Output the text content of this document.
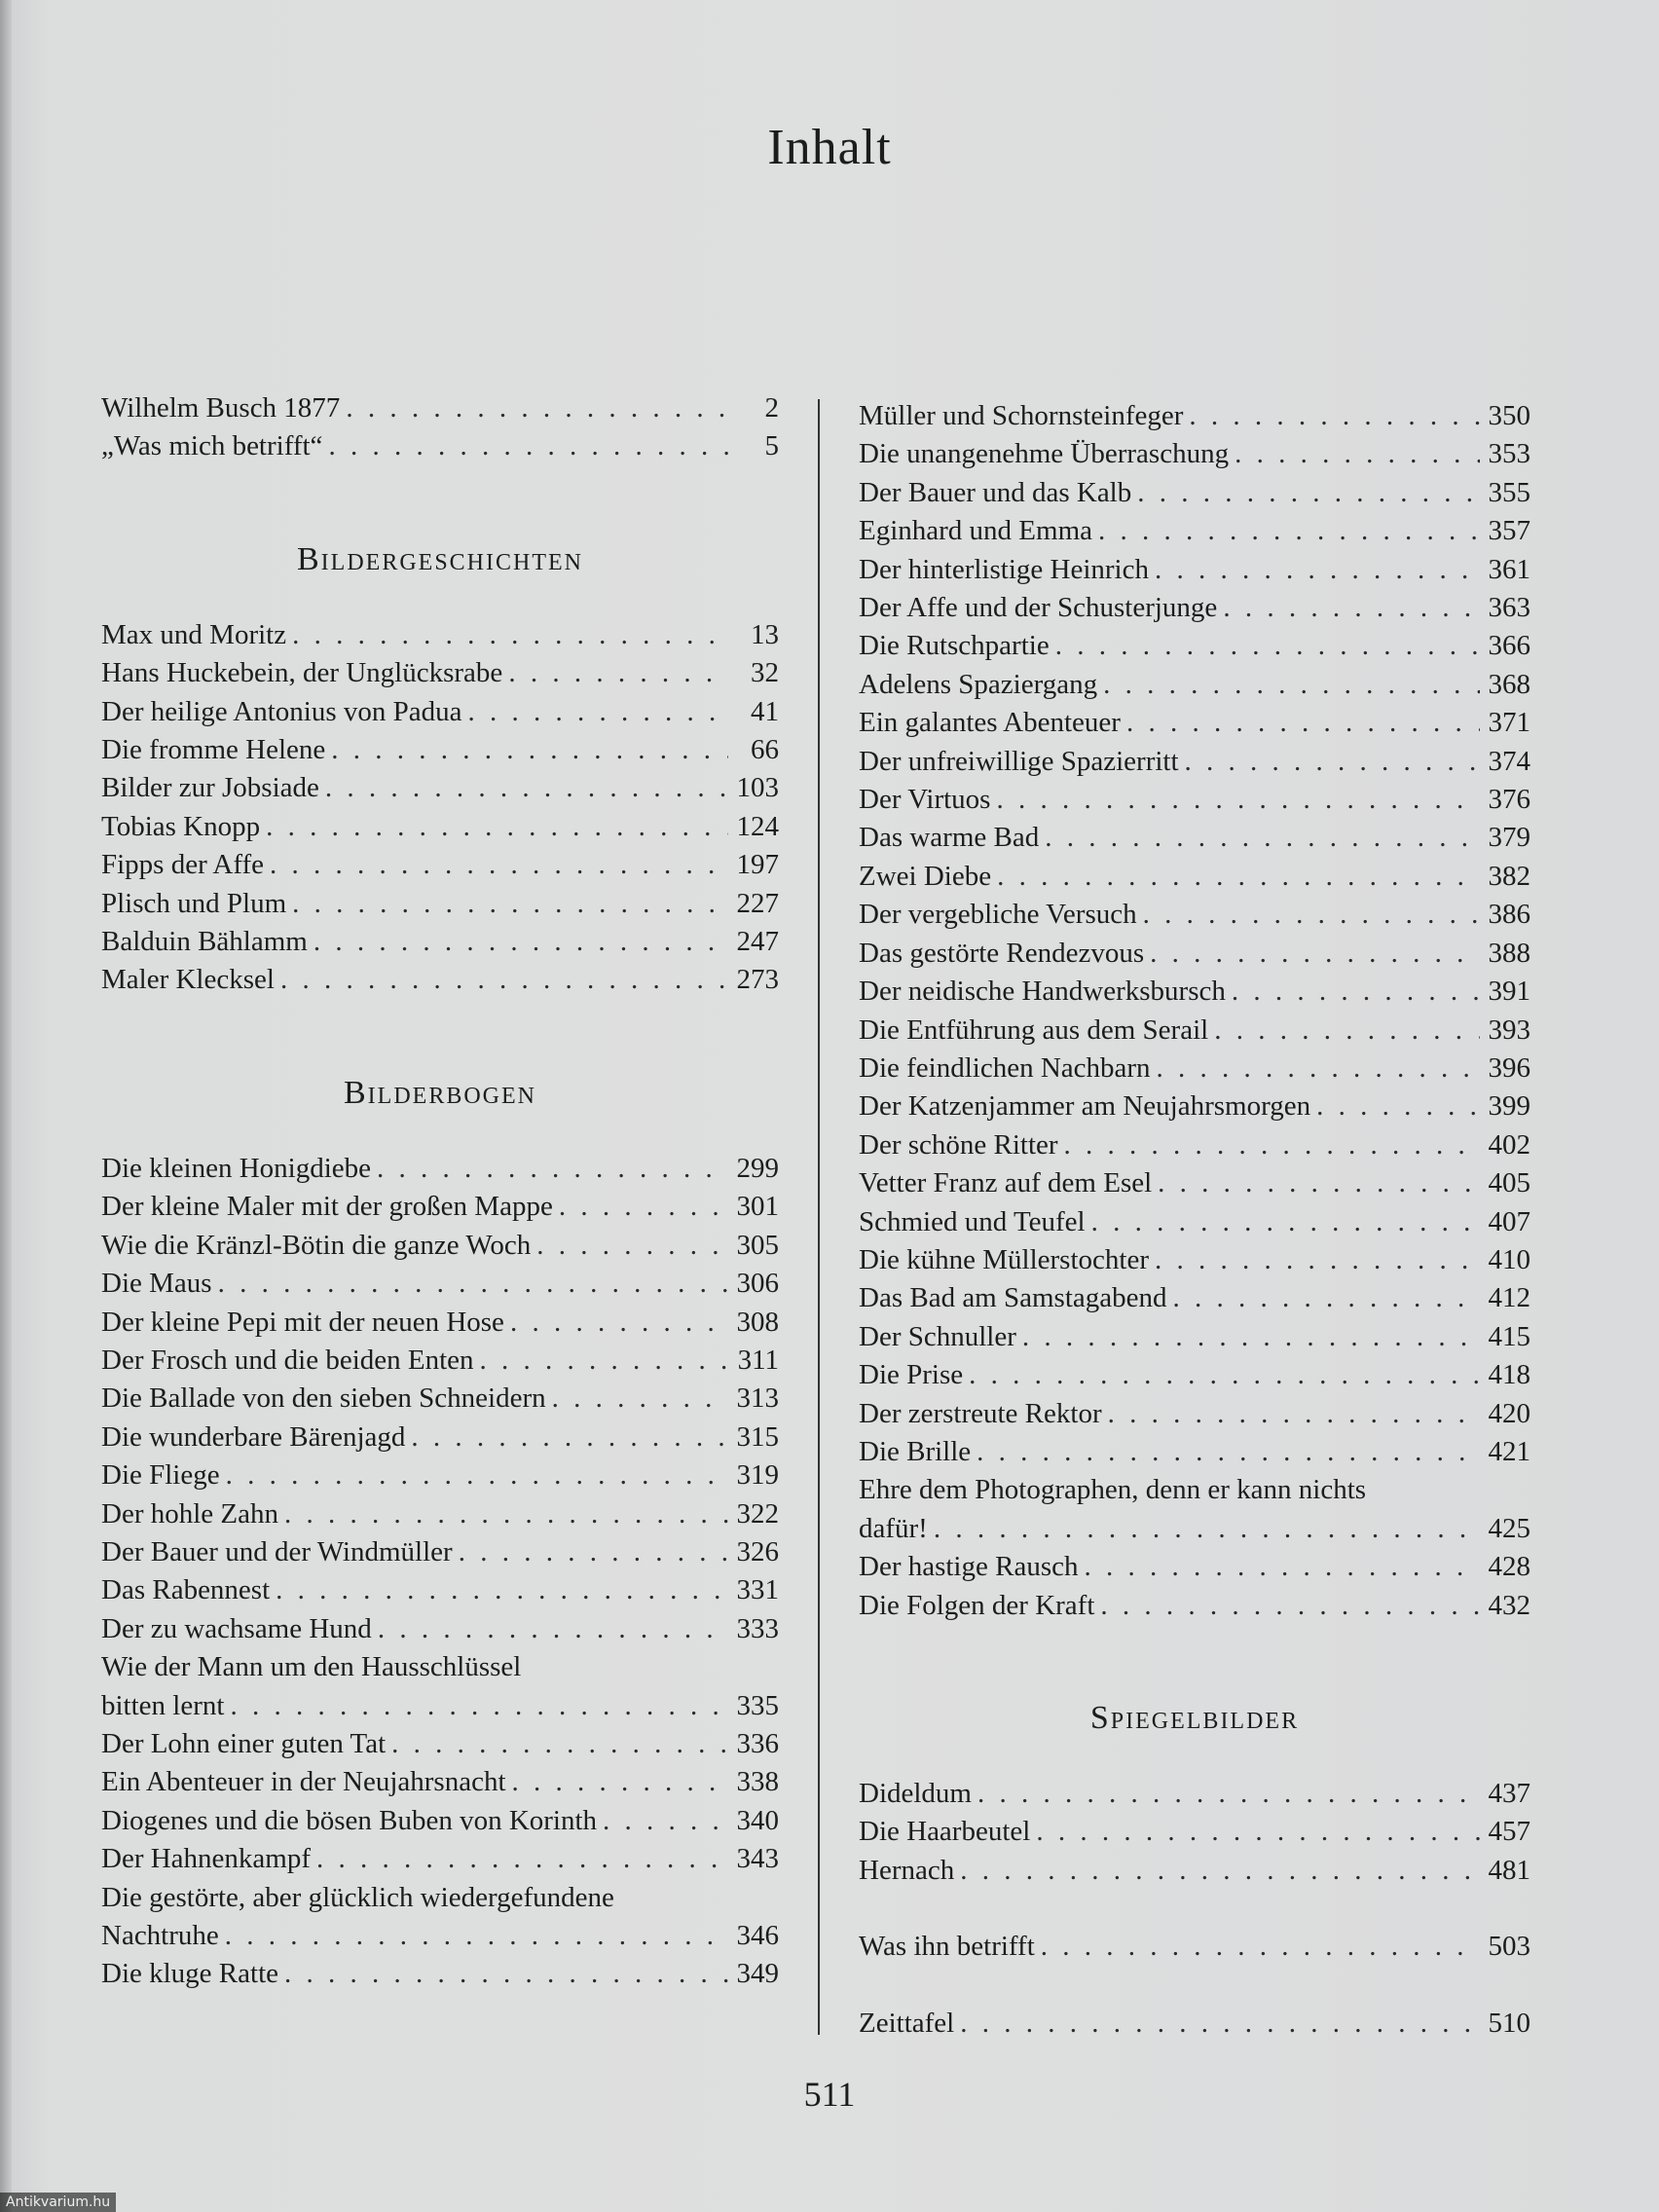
Inhalt
Wilhelm Busch 1877 . . .	2
„Was mich betrifft“ . . .	5
Bildergeschichten
Max und Moritz . . .	13
Hans Huckebein, der Unglücksrabe . . .	32
Der heilige Antonius von Padua . . .	41
Die fromme Helene . . .	66
Bilder zur Jobsiade . . .	103
Tobias Knopp . . .	124
Fipps der Affe . . .	197
Plisch und Plum . . .	227
Balduin Bählamm . . .	247
Maler Klecksel . . .	273
Bilderbogen
Die kleinen Honigdiebe . . .	299
Der kleine Maler mit der großen Mappe . . .	301
Wie die Kränzl-Bötin die ganze Woch . . .	305
Die Maus . . .	306
Der kleine Pepi mit der neuen Hose . . .	308
Der Frosch und die beiden Enten . . .	311
Die Ballade von den sieben Schneidern . . .	313
Die wunderbare Bärenjagd . . .	315
Die Fliege . . .	319
Der hohle Zahn . . .	322
Der Bauer und der Windmüller . . .	326
Das Rabennest . . .	331
Der zu wachsame Hund . . .	333
Wie der Mann um den Hausschlüssel
bitten lernt . . .	335
Der Lohn einer guten Tat . . .	336
Ein Abenteuer in der Neujahrsnacht . . .	338
Diogenes und die bösen Buben von Korinth . . .	340
Der Hahnenkampf . . .	343
Die gestörte, aber glücklich wiedergefundene
Nachtruhe . . .	346
Die kluge Ratte . . .	349
Müller und Schornsteinfeger . . .	350
Die unangenehme Überraschung . . .	353
Der Bauer und das Kalb . . .	355
Eginhard und Emma . . .	357
Der hinterlistige Heinrich . . .	361
Der Affe und der Schusterjunge . . .	363
Die Rutschpartie . . .	366
Adelens Spaziergang . . .	368
Ein galantes Abenteuer . . .	371
Der unfreiwillige Spazierritt . . .	374
Der Virtuos . . .	376
Das warme Bad . . .	379
Zwei Diebe . . .	382
Der vergebliche Versuch . . .	386
Das gestörte Rendezvous . . .	388
Der neidische Handwerksbursch . . .	391
Die Entführung aus dem Serail . . .	393
Die feindlichen Nachbarn . . .	396
Der Katzenjammer am Neujahrsmorgen . . .	399
Der schöne Ritter . . .	402
Vetter Franz auf dem Esel . . .	405
Schmied und Teufel . . .	407
Die kühne Müllerstochter . . .	410
Das Bad am Samstagabend . . .	412
Der Schnuller . . .	415
Die Prise . . .	418
Der zerstreute Rektor . . .	420
Die Brille . . .	421
Ehre dem Photographen, denn er kann nichts
dafür! . . .	425
Der hastige Rausch . . .	428
Die Folgen der Kraft . . .	432
Spiegelbilder
Dideldum . . .	437
Die Haarbeutel . . .	457
Hernach . . .	481
Was ihn betrifft . . .	503
Zeittafel . . .	510
511
Antikvarium.hu
